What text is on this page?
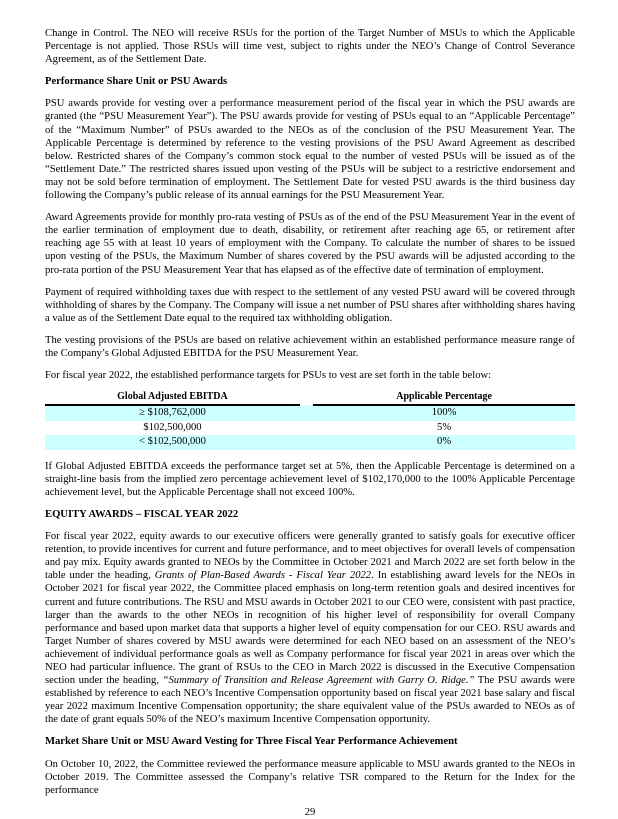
Change in Control. The NEO will receive RSUs for the portion of the Target Number of MSUs to which the Applicable Percentage is not applied. Those RSUs will time vest, subject to rights under the NEO’s Change of Control Severance Agreement, as of the Settlement Date.

Performance Share Unit or PSU Awards

PSU awards provide for vesting over a performance measurement period of the fiscal year in which the PSU awards are granted (the “PSU Measurement Year”). The PSU awards provide for vesting of PSUs equal to an “Applicable Percentage” of the “Maximum Number” of PSUs awarded to the NEOs as of the conclusion of the PSU Measurement Year. The Applicable Percentage is determined by reference to the vesting provisions of the PSU Award Agreement as described below. Restricted shares of the Company’s common stock equal to the number of vested PSUs will be issued as of the “Settlement Date.” The restricted shares issued upon vesting of the PSUs will be subject to a restrictive endorsement and may not be sold before termination of employment. The Settlement Date for vested PSU awards is the third business day following the Company’s public release of its annual earnings for the PSU Measurement Year.

Award Agreements provide for monthly pro-rata vesting of PSUs as of the end of the PSU Measurement Year in the event of the earlier termination of employment due to death, disability, or retirement after reaching age 65, or retirement after reaching age 55 with at least 10 years of employment with the Company. To calculate the number of shares to be issued upon vesting of the PSUs, the Maximum Number of shares covered by the PSU awards will be adjusted according to the pro-rata portion of the PSU Measurement Year that has elapsed as of the effective date of termination of employment.

Payment of required withholding taxes due with respect to the settlement of any vested PSU award will be covered through withholding of shares by the Company. The Company will issue a net number of PSU shares after withholding shares having a value as of the Settlement Date equal to the required tax withholding obligation.

The vesting provisions of the PSUs are based on relative achievement within an established performance measure range of the Company’s Global Adjusted EBITDA for the PSU Measurement Year.

For fiscal year 2022, the established performance targets for PSUs to vest are set forth in the table below:

Global Adjusted EBITDA		Applicable Percentage
≥ $108,762,000		100%
$102,500,000		5%
< $102,500,000		0%

If Global Adjusted EBITDA exceeds the performance target set at 5%, then the Applicable Percentage is determined on a straight-line basis from the implied zero percentage achievement level of $102,170,000 to the 100% Applicable Percentage achievement level, but the Applicable Percentage shall not exceed 100%.

EQUITY AWARDS – FISCAL YEAR 2022

For fiscal year 2022, equity awards to our executive officers were generally granted to satisfy goals for executive officer retention, to provide incentives for current and future performance, and to meet objectives for overall levels of compensation and pay mix. Equity awards granted to NEOs by the Committee in October 2021 and March 2022 are set forth below in the table under the heading, Grants of Plan-Based Awards - Fiscal Year 2022. In establishing award levels for the NEOs in October 2021 for fiscal year 2022, the Committee placed emphasis on long-term retention goals and desired incentives for current and future contributions. The RSU and MSU awards in October 2021 to our CEO were, consistent with past practice, larger than the awards to the other NEOs in recognition of his higher level of responsibility for overall Company performance and based upon market data that supports a higher level of equity compensation for our CEO. RSU awards and Target Number of shares covered by MSU awards were determined for each NEO based on an assessment of the NEO’s achievement of individual performance goals as well as Company performance for fiscal year 2021 in areas over which the NEO had particular influence. The grant of RSUs to the CEO in March 2022 is discussed in the Executive Compensation section under the heading, “Summary of Transition and Release Agreement with Garry O. Ridge.” The PSU awards were established by reference to each NEO’s Incentive Compensation opportunity based on fiscal year 2021 base salary and fiscal year 2022 maximum Incentive Compensation opportunity; the share equivalent value of the PSUs awarded to NEOs as of the date of grant equals 50% of the NEO’s maximum Incentive Compensation opportunity.

Market Share Unit or MSU Award Vesting for Three Fiscal Year Performance Achievement

On October 10, 2022, the Committee reviewed the performance measure applicable to MSU awards granted to the NEOs in October 2019. The Committee assessed the Company’s relative TSR compared to the Return for the Index for the performance

29
